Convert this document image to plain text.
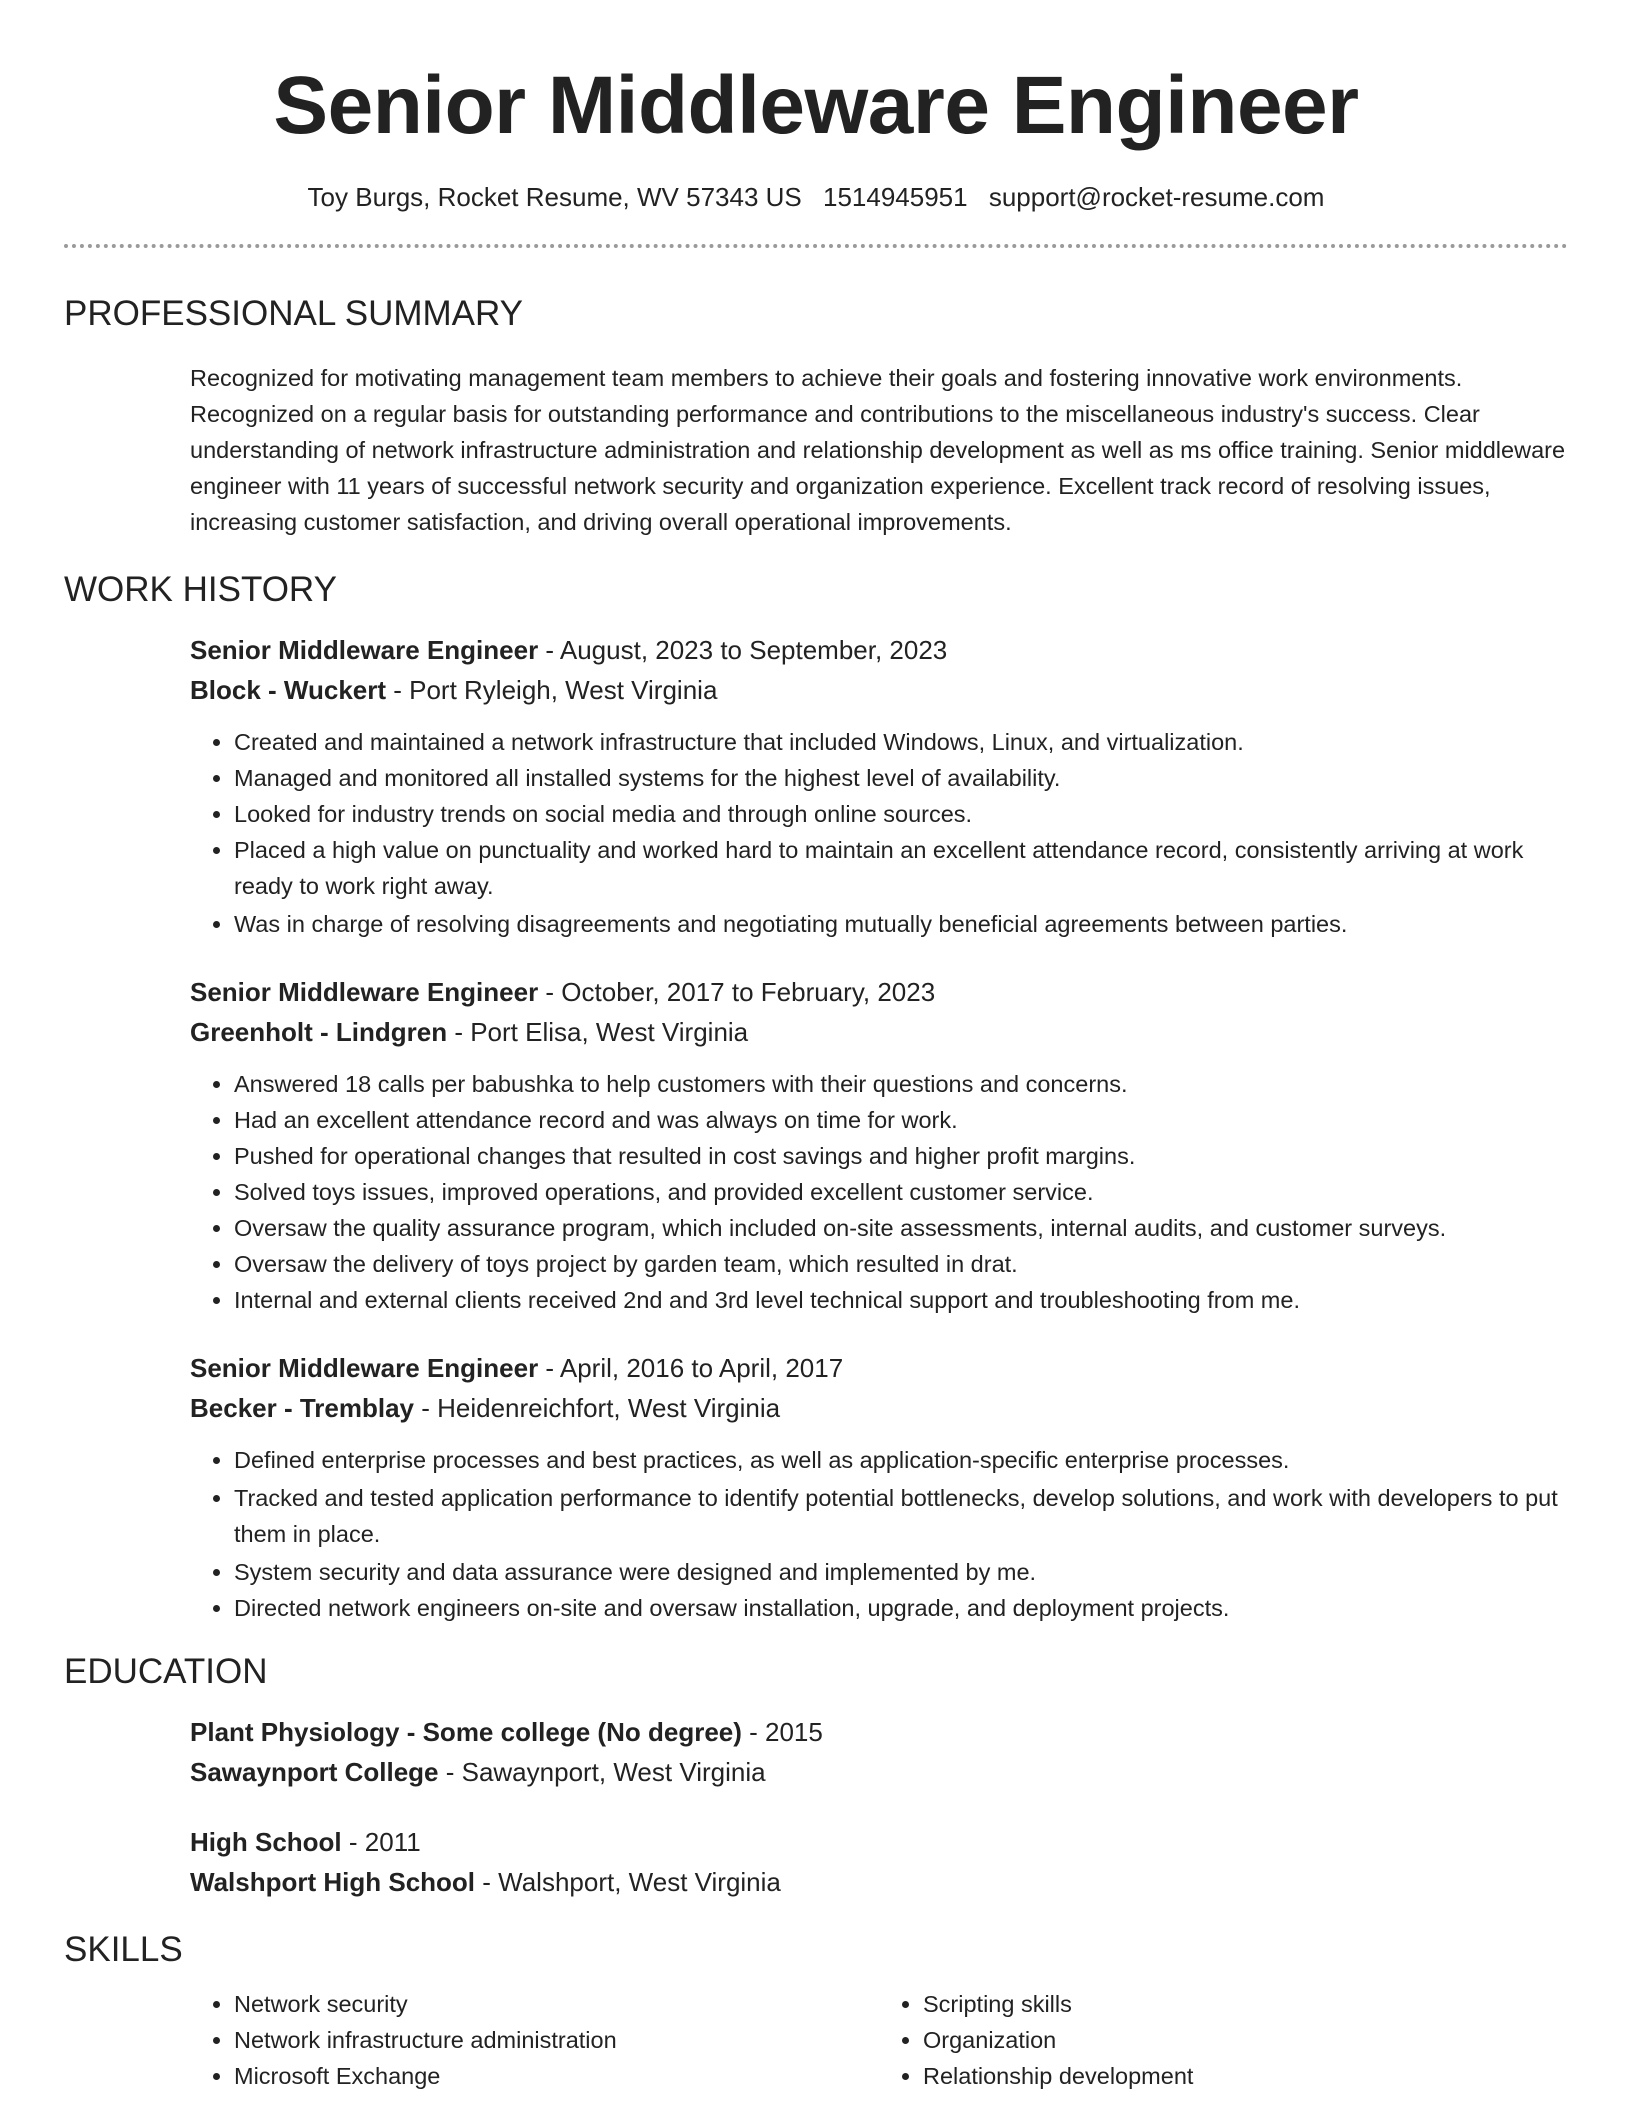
Senior Middleware Engineer
Toy Burgs, Rocket Resume, WV 57343 US 1514945951 support@rocket-resume.com
PROFESSIONAL SUMMARY

Recognized for motivating management team members to achieve their goals and fostering innovative work environments. Recognized on a regular basis for outstanding performance and contributions to the miscellaneous industry's success. Clear understanding of network infrastructure administration and relationship development as well as ms office training. Senior middleware engineer with 11 years of successful network security and organization experience. Excellent track record of resolving issues, increasing customer satisfaction, and driving overall operational improvements.

WORK HISTORY
Senior Middleware Engineer - August, 2023 to September, 2023
Block - Wuckert - Port Ryleigh, West Virginia
• Created and maintained a network infrastructure that included Windows, Linux, and virtualization.
• Managed and monitored all installed systems for the highest level of availability.
• Looked for industry trends on social media and through online sources.
• Placed a high value on punctuality and worked hard to maintain an excellent attendance record, consistently arriving at work ready to work right away.
• Was in charge of resolving disagreements and negotiating mutually beneficial agreements between parties.
Senior Middleware Engineer - October, 2017 to February, 2023
Greenholt - Lindgren - Port Elisa, West Virginia
• Answered 18 calls per babushka to help customers with their questions and concerns.
• Had an excellent attendance record and was always on time for work.
• Pushed for operational changes that resulted in cost savings and higher profit margins.
• Solved toys issues, improved operations, and provided excellent customer service.
• Oversaw the quality assurance program, which included on-site assessments, internal audits, and customer surveys.
• Oversaw the delivery of toys project by garden team, which resulted in drat.
• Internal and external clients received 2nd and 3rd level technical support and troubleshooting from me.
Senior Middleware Engineer - April, 2016 to April, 2017
Becker - Tremblay - Heidenreichfort, West Virginia
• Defined enterprise processes and best practices, as well as application-specific enterprise processes.
• Tracked and tested application performance to identify potential bottlenecks, develop solutions, and work with developers to put them in place.
• System security and data assurance were designed and implemented by me.
• Directed network engineers on-site and oversaw installation, upgrade, and deployment projects.
EDUCATION
Plant Physiology - Some college (No degree) - 2015
Sawaynport College - Sawaynport, West Virginia
High School - 2011
Walshport High School - Walshport, West Virginia
SKILLS
• Network security
• Network infrastructure administration
• Microsoft Exchange
• Scripting skills
• Organization
• Relationship development
